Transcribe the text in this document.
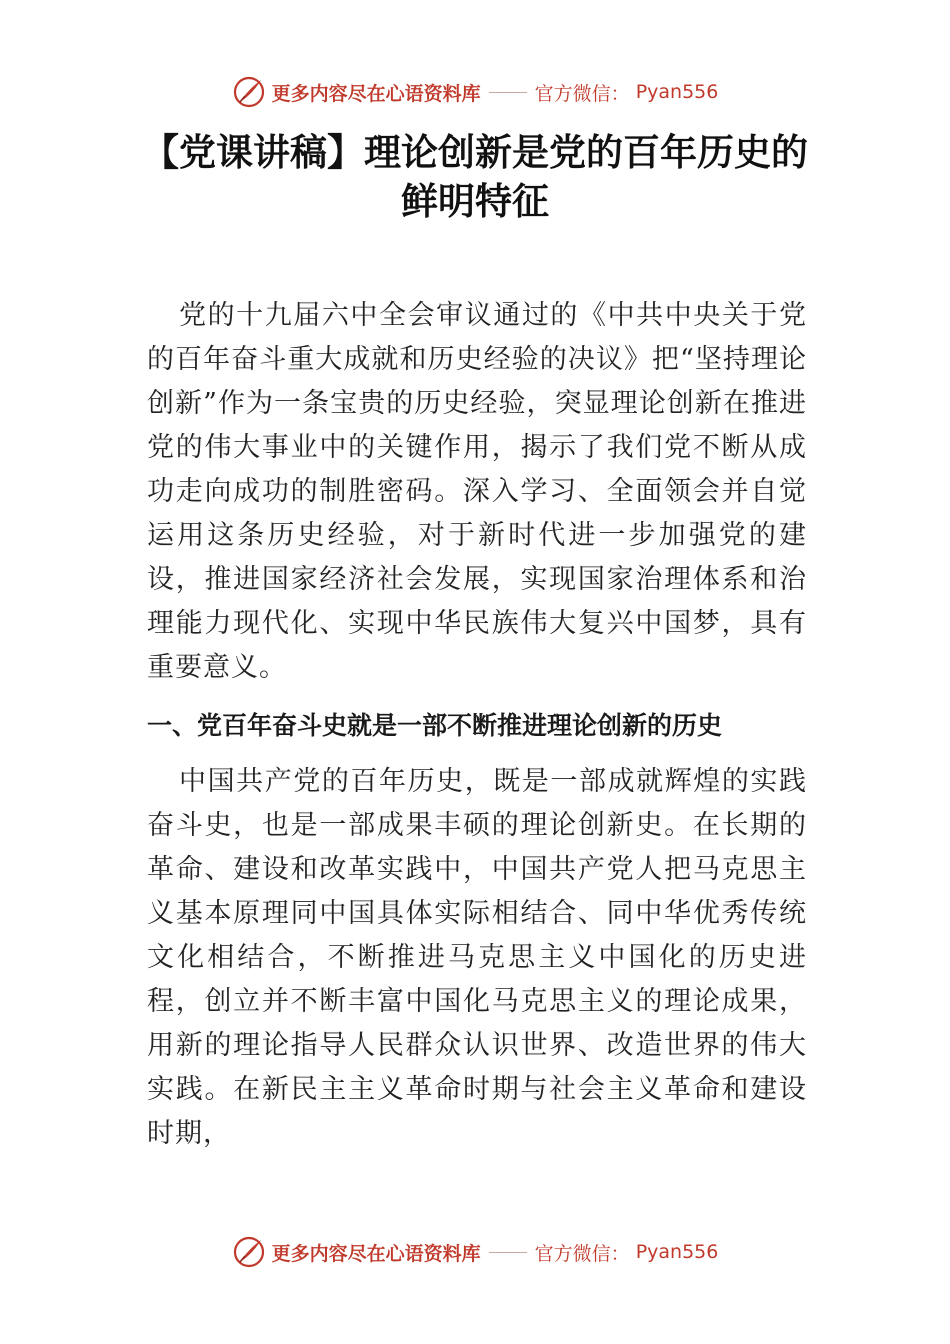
更多内容尽在心语资料库	官方微信： Pyan556
【党课讲稿】理论创新是党的百年历史的鲜明特征

党的十九届六中全会审议通过的《中共中央关于党的百年奋斗重大成就和历史经验的决议》把“坚持理论创新”作为一条宝贵的历史经验，突显理论创新在推进党的伟大事业中的关键作用，揭示了我们党不断从成功走向成功的制胜密码。深入学习、全面领会并自觉运用这条历史经验，对于新时代进一步加强党的建设，推进国家经济社会发展，实现国家治理体系和治理能力现代化、实现中华民族伟大复兴中国梦，具有重要意义。

一、党百年奋斗史就是一部不断推进理论创新的历史

中国共产党的百年历史，既是一部成就辉煌的实践奋斗史，也是一部成果丰硕的理论创新史。在长期的革命、建设和改革实践中，中国共产党人把马克思主义基本原理同中国具体实际相结合、同中华优秀传统文化相结合，不断推进马克思主义中国化的历史进程，创立并不断丰富中国化马克思主义的理论成果，用新的理论指导人民群众认识世界、改造世界的伟大实践。在新民主主义革命时期与社会主义革命和建设时期，

更多内容尽在心语资料库	官方微信： Pyan556
